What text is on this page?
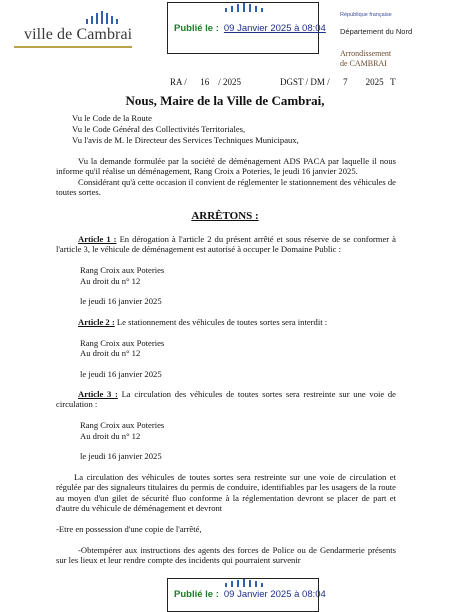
ville de Cambrai	Publié le : 09 Janvier 2025 à 08:04
République française
Département du Nord
Arrondissement
de CAMBRAI
RA /      16    / 2025	DGST / DM /      7        2025   T
Nous, Maire de la Ville de Cambrai,
Vu le Code de la Route
Vu le Code Général des Collectivités Territoriales,
Vu l'avis de M. le Directeur des Services Techniques Municipaux,
Vu la demande formulée par la société de déménagement ADS PACA par laquelle il nous informe qu'il réalise un déménagement, Rang Croix a Poteries, le jeudi 16 janvier 2025.
Considérant qu'à cette occasion il convient de réglementer le stationnement des véhicules de toutes sortes.
ARRÊTONS :
Article 1 : En dérogation à l'article 2 du présent arrêté et sous réserve de se conformer à l'article 3, le véhicule de déménagement est autorisé à occuper le Domaine Public :
Rang Croix aux Poteries
Au droit du n° 12
le jeudi 16 janvier 2025
Article 2 : Le stationnement des véhicules de toutes sortes sera interdit :
Rang Croix aux Poteries
Au droit du n° 12
le jeudi 16 janvier 2025
Article 3 : La circulation des véhicules de toutes sortes sera restreinte sur une voie de circulation :
Rang Croix aux Poteries
Au droit du n° 12
le jeudi 16 janvier 2025
La circulation des véhicules de toutes sortes sera restreinte sur une voie de circulation et régulée par des signaleurs titulaires du permis de conduire, identifiables par les usagers de la route au moyen d'un gilet de sécurité fluo conforme à la réglementation devront se placer de part et d'autre du véhicule de déménagement et devront
-Etre en possession d'une copie de l'arrêté,
-Obtempérer aux instructions des agents des forces de Police ou de Gendarmerie présents sur les lieux et leur rendre compte des incidents qui pourraient survenir
Publié le : 09 Janvier 2025 à 08:04
